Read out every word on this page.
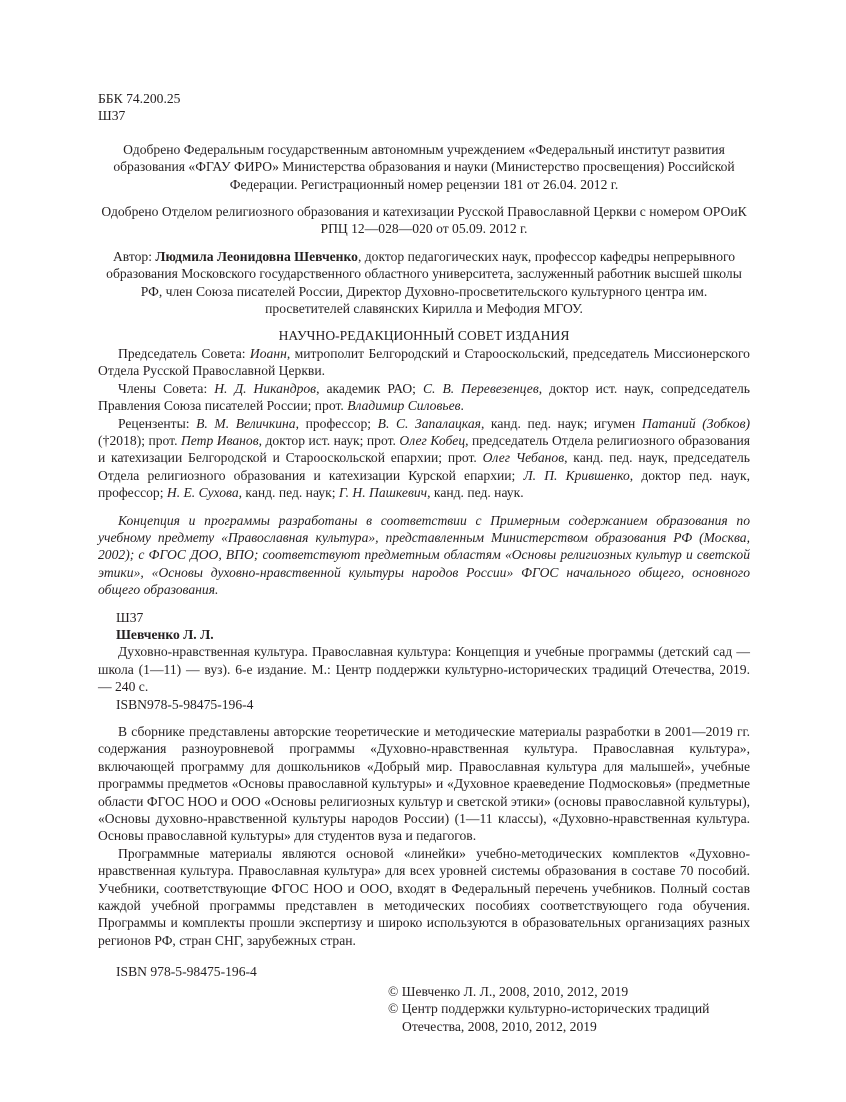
ББК 74.200.25

Ш37

Одобрено Федеральным государственным автономным учреждением «Федеральный институт развития образования «ФГАУ ФИРО» Министерства образования и науки (Министерство просвещения) Российской Федерации. Регистрационный номер рецензии 181 от 26.04. 2012 г.

Одобрено Отделом религиозного образования и катехизации Русской Православной Церкви с номером ОРОиК РПЦ 12—028—020 от 05.09. 2012 г.

Автор: Людмила Леонидовна Шевченко, доктор педагогических наук, профессор кафедры непрерывного образования Московского государственного областного университета, заслуженный работник высшей школы РФ, член Союза писателей России, Директор Духовно-просветительского культурного центра им. просветителей славянских Кирилла и Мефодия МГОУ.

НАУЧНО-РЕДАКЦИОННЫЙ СОВЕТ ИЗДАНИЯ

Председатель Совета: Иоанн, митрополит Белгородский и Старооскольский, председатель Миссионерского Отдела Русской Православной Церкви.

Члены Совета: Н. Д. Никандров, академик РАО; С. В. Перевезенцев, доктор ист. наук, сопредседатель Правления Союза писателей России; прот. Владимир Силовьев.

Рецензенты: В. М. Величкина, профессор; В. С. Запалацкая, канд. пед. наук; игумен Патаний (Зобков) (†2018); прот. Петр Иванов, доктор ист. наук; прот. Олег Кобец, председатель Отдела религиозного образования и катехизации Белгородской и Старооскольской епархии; прот. Олег Чебанов, канд. пед. наук, председатель Отдела религиозного образования и катехизации Курской епархии; Л. П. Крившенко, доктор пед. наук, профессор; Н. Е. Сухова, канд. пед. наук; Г. Н. Пашкевич, канд. пед. наук.

Концепция и программы разработаны в соответствии с Примерным содержанием образования по учебному предмету «Православная культура», представленным Министерством образования РФ (Москва, 2002); с ФГОС ДОО, ВПО; соответствуют предметным областям «Основы религиозных культур и светской этики», «Основы духовно-нравственной культуры народов России» ФГОС начального общего, основного общего образования.

Ш37

Шевченко Л. Л.

Духовно-нравственная культура. Православная культура: Концепция и учебные программы (детский сад — школа (1—11) — вуз). 6-е издание. М.: Центр поддержки культурно-исторических традиций Отечества, 2019. — 240 с.

ISBN978-5-98475-196-4

В сборнике представлены авторские теоретические и методические материалы разработки в 2001—2019 гг. содержания разноуровневой программы «Духовно-нравственная культура. Православная культура», включающей программу для дошкольников «Добрый мир. Православная культура для малышей», учебные программы предметов «Основы православной культуры» и «Духовное краеведение Подмосковья» (предметные области ФГОС НОО и ООО «Основы религиозных культур и светской этики» (основы православной культуры), «Основы духовно-нравственной культуры народов России) (1—11 классы), «Духовно-нравственная культура. Основы православной культуры» для студентов вуза и педагогов.

Программные материалы являются основой «линейки» учебно-методических комплектов «Духовно-нравственная культура. Православная культура» для всех уровней системы образования в составе 70 пособий. Учебники, соответствующие ФГОС НОО и ООО, входят в Федеральный перечень учебников. Полный состав каждой учебной программы представлен в методических пособиях соответствующего года обучения. Программы и комплекты прошли экспертизу и широко используются в образовательных организациях разных регионов РФ, стран СНГ, зарубежных стран.

ISBN 978-5-98475-196-4

© Шевченко Л. Л., 2008, 2010, 2012, 2019

© Центр поддержки культурно-исторических традиций

Отечества, 2008, 2010, 2012, 2019
